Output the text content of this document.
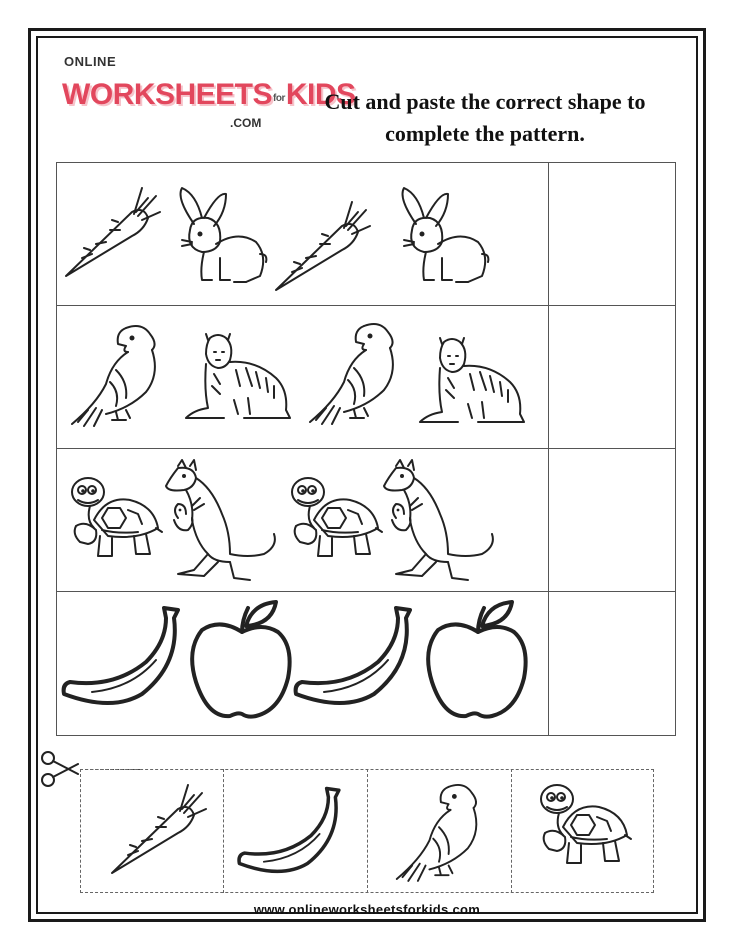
ONLINE
$WORKSHEETS^{for}KIDS$
.COM
Cut and paste the correct shape to
complete the pattern.
www.onlineworksheetsforkids.com
